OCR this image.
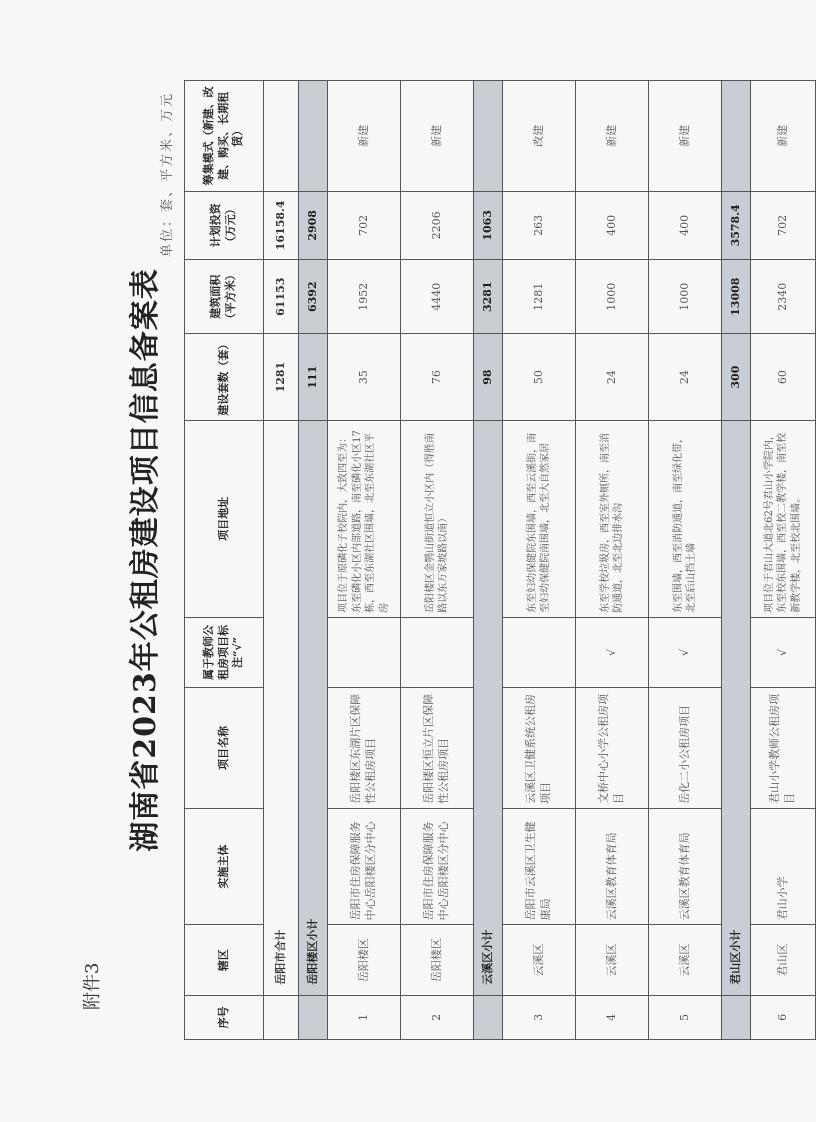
附件3
湖南省2023年公租房建设项目信息备案表
单位：套、平方米、万元
序号	辖区	实施主体	项目名称	属于教师公租房项目标注“√”	项目地址	建设套数（套）	建筑面积（平方米）	计划投资（万元）	筹集模式（新建、改建、购买、长期租赁）
	岳阳市合计					1281	61153	16158.4	
	岳阳楼区小计					111	6392	2908	
1	岳阳楼区	岳阳市住房保障服务中心岳阳楼区分中心	岳阳楼区东湖片区保障性公租房项目		项目位于原磷化子校院内，大致四至为：东至磷化小区内部道路，南至磷化小区17栋，西至东湖社区围墙，北至东湖社区平房	35	1952	702	新建
2	岳阳楼区	岳阳市住房保障服务中心岳阳楼区分中心	岳阳楼区恒立片区保障性公租房项目		岳阳楼区金鹗山街道恒立小区内（得胜南路以东万家坡路以南）	76	4440	2206	新建
	云溪区小计					98	3281	1063	
3	云溪区	岳阳市云溪区卫生健康局	云溪区卫健系统公租房项目		东至妇幼保健院东围墙，西至云溪街，南至妇幼保健院南围墙，北至大自然家居	50	1281	263	改建
4	云溪区	云溪区教育体育局	文桥中心小学公租房项目	√	东至学校垃圾房，西至室外厕所，南至消防通道，北至北边排水沟	24	1000	400	新建
5	云溪区	云溪区教育体育局	岳化二小公租房项目	√	东至围墙，西至消防通道，南至绿化带，北至后山挡土墙	24	1000	400	新建
	君山区小计					300	13008	3578.4	
6	君山区	君山小学	君山小学教师公租房项目	√	项目位于君山大道北62号君山小学院内，东至校东围墙，西至校二教学楼，南至校新教学楼，北至校北围墙。	60	2340	702	新建
